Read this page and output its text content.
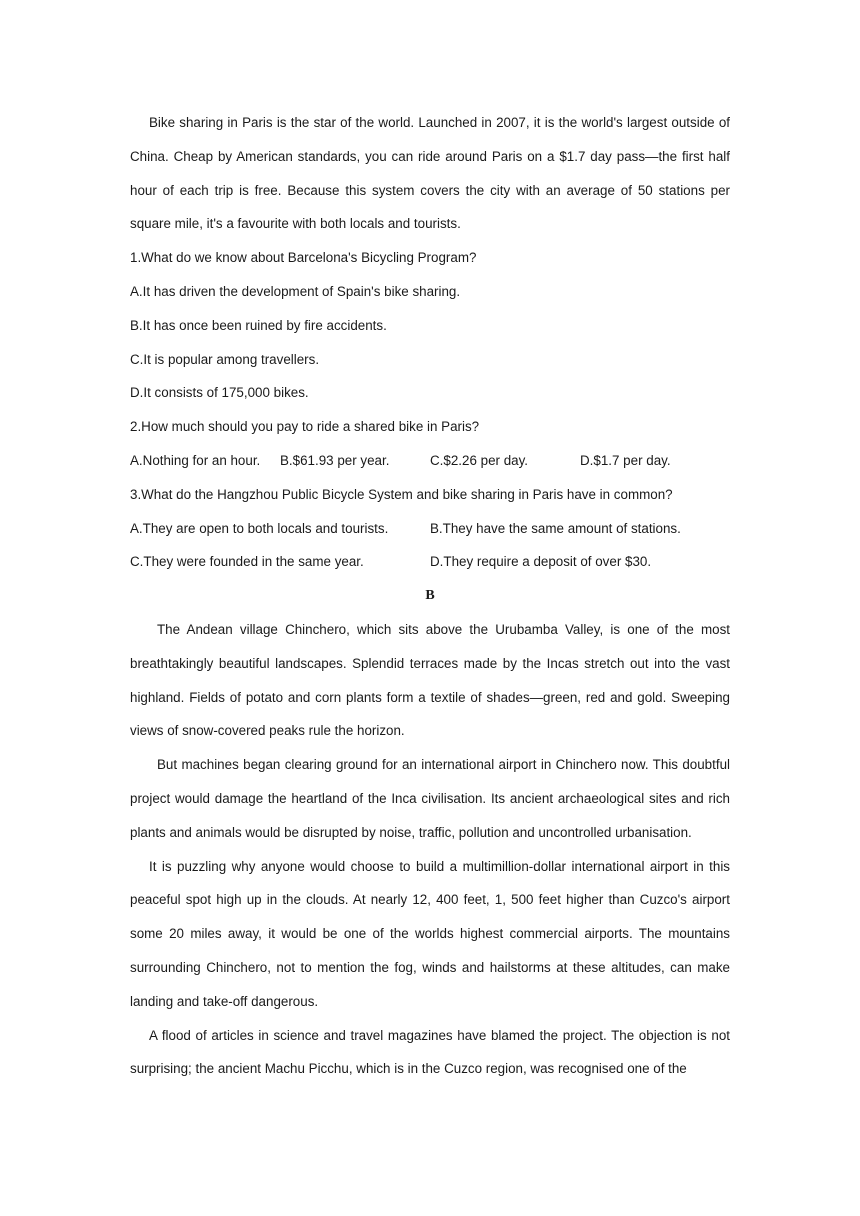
Bike sharing in Paris is the star of the world. Launched in 2007, it is the world's largest outside of China. Cheap by American standards, you can ride around Paris on a $1.7 day pass—the first half hour of each trip is free. Because this system covers the city with an average of 50 stations per square mile, it's a favourite with both locals and tourists.

1.What do we know about Barcelona's Bicycling Program?

A.It has driven the development of Spain's bike sharing.

B.It has once been ruined by fire accidents.

C.It is popular among travellers.

D.It consists of 175,000 bikes.

2.How much should you pay to ride a shared bike in Paris?

A.Nothing for an hour.	B.$61.93 per year.	C.$2.26 per day.	D.$1.7 per day.

3.What do the Hangzhou Public Bicycle System and bike sharing in Paris have in common?

A.They are open to both locals and tourists.	B.They have the same amount of stations.
C.They were founded in the same year.	D.They require a deposit of over $30.

B

The Andean village Chinchero, which sits above the Urubamba Valley, is one of the most breathtakingly beautiful landscapes. Splendid terraces made by the Incas stretch out into the vast highland. Fields of potato and corn plants form a textile of shades—green, red and gold. Sweeping views of snow-covered peaks rule the horizon.

But machines began clearing ground for an international airport in Chinchero now. This doubtful project would damage the heartland of the Inca civilisation. Its ancient archaeological sites and rich plants and animals would be disrupted by noise, traffic, pollution and uncontrolled urbanisation.

It is puzzling why anyone would choose to build a multimillion-dollar international airport in this peaceful spot high up in the clouds. At nearly 12, 400 feet, 1, 500 feet higher than Cuzco's airport some 20 miles away, it would be one of the worlds highest commercial airports. The mountains surrounding Chinchero, not to mention the fog, winds and hailstorms at these altitudes, can make landing and take-off dangerous.

A flood of articles in science and travel magazines have blamed the project. The objection is not surprising; the ancient Machu Picchu, which is in the Cuzco region, was recognised one of the
